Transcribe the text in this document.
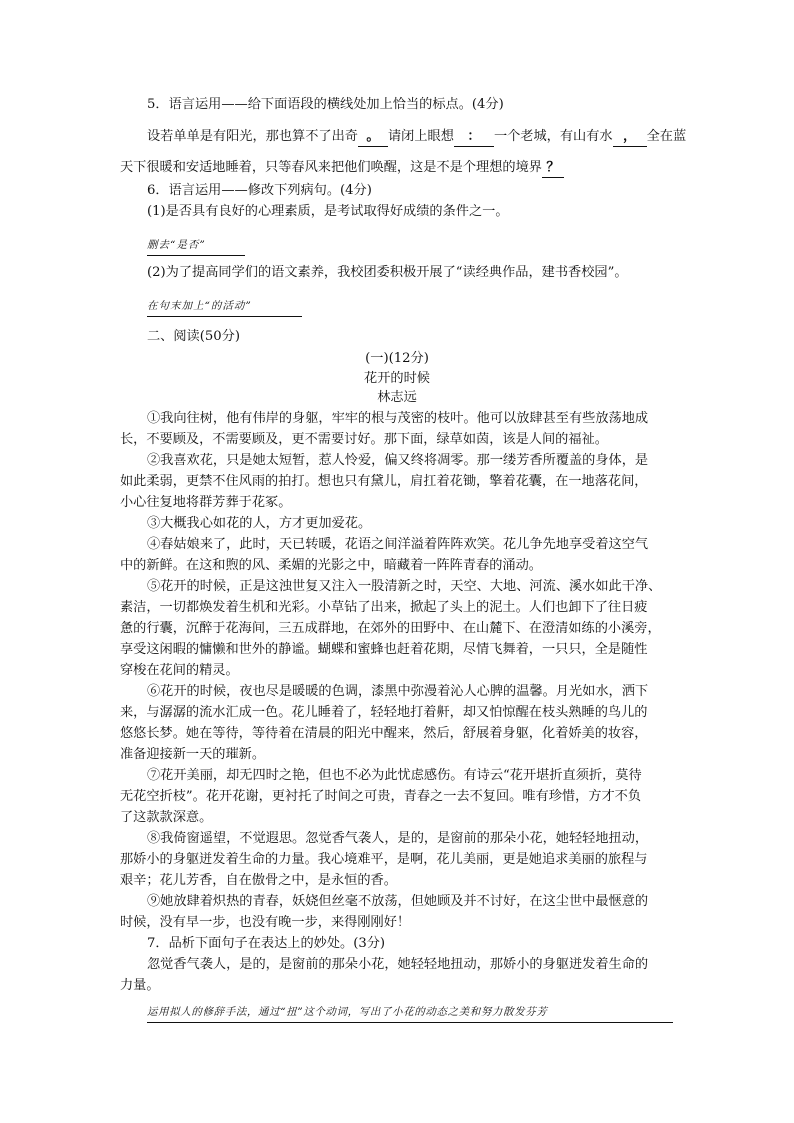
5．语言运用——给下面语段的横线处加上恰当的标点。(4分)
设若单单是有阳光，那也算不了出奇 。 请闭上眼想 ： 一个老城，有山有水 ， 全在蓝
天下很暖和安适地睡着，只等春风来把他们唤醒，这是不是个理想的境界 ？
6．语言运用——修改下列病句。(4分)
(1)是否具有良好的心理素质，是考试取得好成绩的条件之一。
删去“是否”
(2)为了提高同学们的语文素养，我校团委积极开展了“读经典作品，建书香校园”。
在句末加上“的活动”
二、阅读(50分)
(一)(12分)
花开的时候
林志远
①我向往树，他有伟岸的身躯，牢牢的根与茂密的枝叶。他可以放肆甚至有些放荡地成
长，不要顾及，不需要顾及，更不需要讨好。那下面，绿草如茵，该是人间的福祉。
②我喜欢花，只是她太短暂，惹人怜爱，偏又终将凋零。那一缕芳香所覆盖的身体，是
如此柔弱，更禁不住风雨的拍打。想也只有黛儿，肩扛着花锄，擎着花囊，在一地落花间，
小心往复地将群芳葬于花冢。
③大概我心如花的人，方才更加爱花。
④春姑娘来了，此时，天已转暖，花语之间洋溢着阵阵欢笑。花儿争先地享受着这空气
中的新鲜。在这和煦的风、柔媚的光影之中，暗藏着一阵阵青春的涌动。
⑤花开的时候，正是这浊世复又注入一股清新之时，天空、大地、河流、溪水如此干净、
素洁，一切都焕发着生机和光彩。小草钻了出来，掀起了头上的泥土。人们也卸下了往日疲
惫的行囊，沉醉于花海间，三五成群地，在郊外的田野中、在山麓下、在澄清如练的小溪旁，
享受这闲暇的慵懒和世外的静谧。蝴蝶和蜜蜂也赶着花期，尽情飞舞着，一只只，全是随性
穿梭在花间的精灵。
⑥花开的时候，夜也尽是暖暖的色调，漆黑中弥漫着沁人心脾的温馨。月光如水，洒下
来，与潺潺的流水汇成一色。花儿睡着了，轻轻地打着鼾，却又怕惊醒在枝头熟睡的鸟儿的
悠悠长梦。她在等待，等待着在清晨的阳光中醒来，然后，舒展着身躯，化着娇美的妆容，
准备迎接新一天的璀新。
⑦花开美丽，却无四时之艳，但也不必为此忧虑感伤。有诗云“花开堪折直须折，莫待
无花空折枝”。花开花谢，更衬托了时间之可贵，青春之一去不复回。唯有珍惜，方才不负
了这款款深意。
⑧我倚窗遥望，不觉遐思。忽觉香气袭人，是的，是窗前的那朵小花，她轻轻地扭动，
那娇小的身躯迸发着生命的力量。我心境难平，是啊，花儿美丽，更是她追求美丽的旅程与
艰辛；花儿芳香，自在傲骨之中，是永恒的香。
⑨她放肆着炽热的青春，妖娆但丝毫不放荡，但她顾及并不讨好，在这尘世中最惬意的
时候，没有早一步，也没有晚一步，来得刚刚好！
7．品析下面句子在表达上的妙处。(3分)
忽觉香气袭人，是的，是窗前的那朵小花，她轻轻地扭动，那娇小的身躯迸发着生命的
力量。
运用拟人的修辞手法，通过“扭”这个动词，写出了小花的动态之美和努力散发芬芳
